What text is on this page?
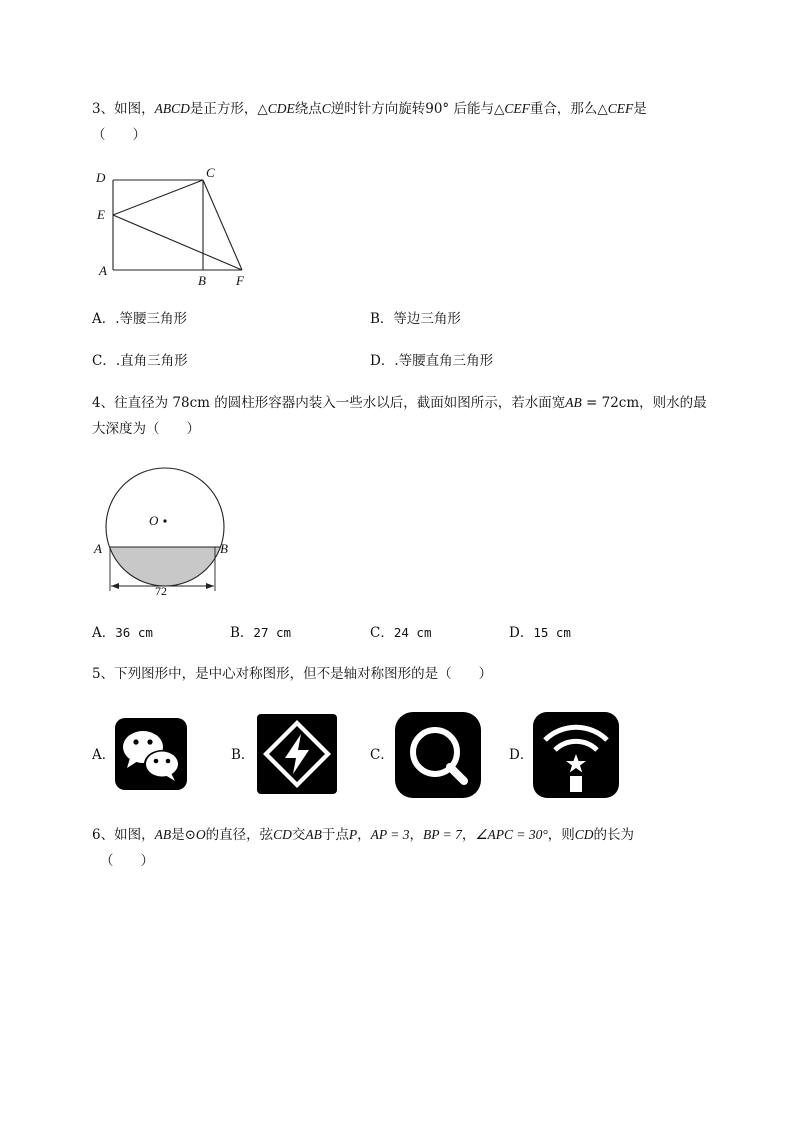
3、如图，ABCD是正方形，△CDE绕点C逆时针方向旋转90° 后能与△CEF重合，那么△CEF是
（　　）
D	C
E
A
B F
A．.等腰三角形	B．等边三角形
C．.直角三角形	D．.等腰直角三角形
4、往直径为 78cm 的圆柱形容器内装入一些水以后，截面如图所示，若水面宽AB = 72cm，则水的最
大深度为（　　）
O
A	B
72
A．36 cm	B．27 cm	C．24 cm	D．15 cm
5、下列图形中，是中心对称图形，但不是轴对称图形的是（　　）
A．	B．	C．	D．
6、如图，AB是⊙O的直径，弦CD交AB于点P，AP = 3，BP = 7，∠APC = 30°，则CD的长为
（　　）
